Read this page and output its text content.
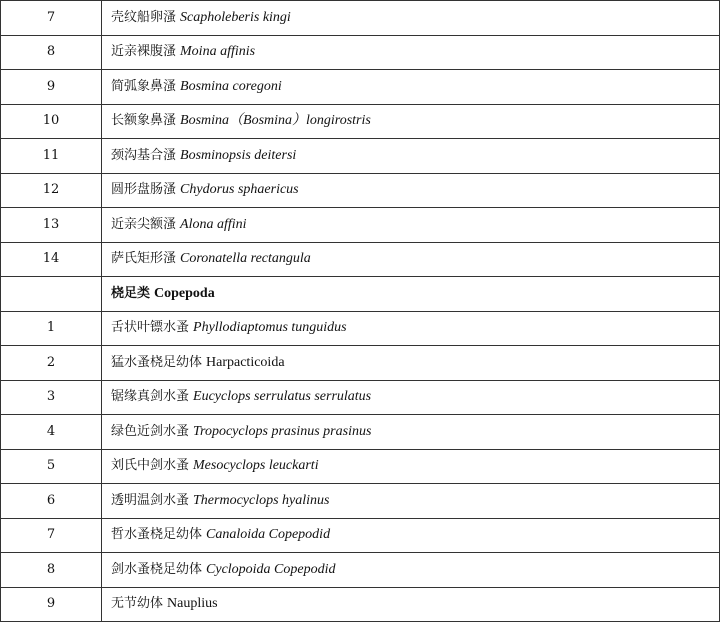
7	壳纹船卵溞 Scapholeberis kingi
8	近亲裸腹溞 Moina affinis
9	简弧象鼻溞 Bosmina coregoni
10	长额象鼻溞 Bosmina（Bosmina）longirostris
11	颈沟基合溞 Bosminopsis deitersi
12	圆形盘肠溞 Chydorus sphaericus
13	近亲尖额溞 Alona affini
14	萨氏矩形溞 Coronatella rectangula
	桡足类 Copepoda
1	舌状叶镖水蚤 Phyllodiaptomus tunguidus
2	猛水蚤桡足幼体 Harpacticoida
3	锯缘真剑水蚤 Eucyclops serrulatus serrulatus
4	绿色近剑水蚤 Tropocyclops prasinus prasinus
5	刘氏中剑水蚤 Mesocyclops leuckarti
6	透明温剑水蚤 Thermocyclops hyalinus
7	哲水蚤桡足幼体 Canaloida Copepodid
8	剑水蚤桡足幼体 Cyclopoida Copepodid
9	无节幼体 Nauplius
